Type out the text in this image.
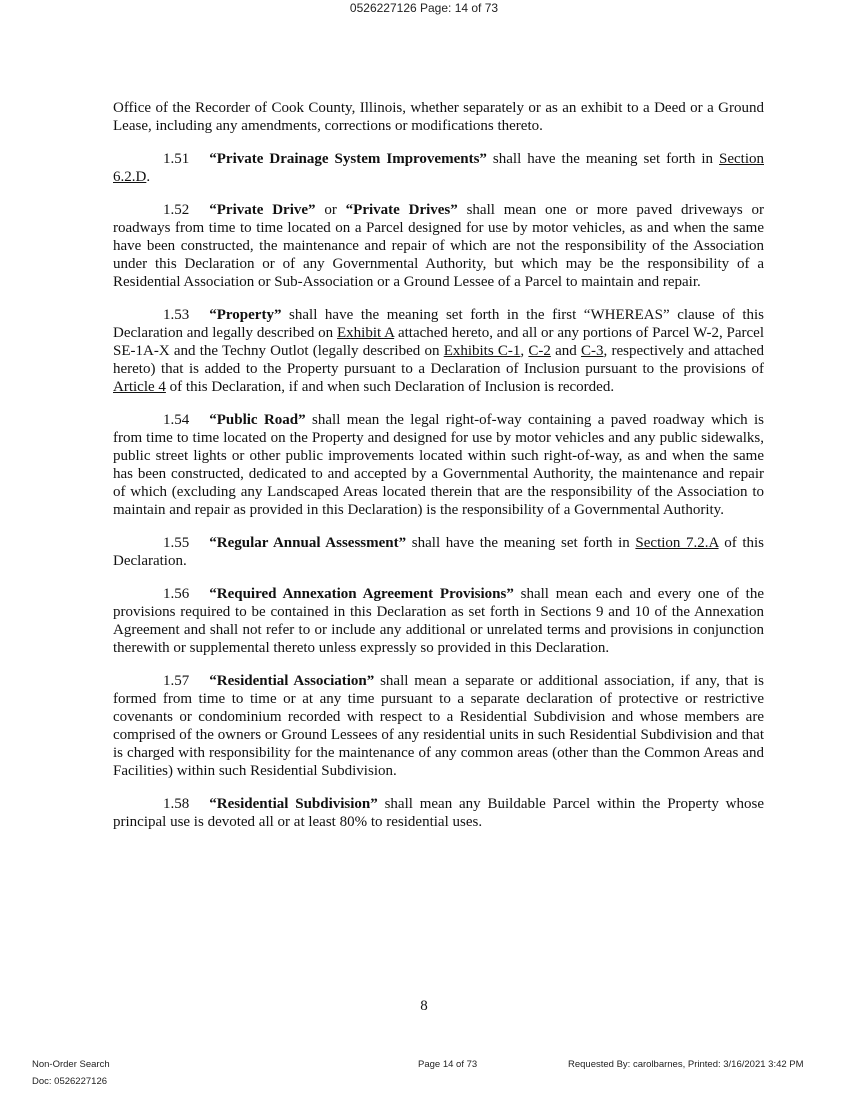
0526227126 Page: 14 of 73

Office of the Recorder of Cook County, Illinois, whether separately or as an exhibit to a Deed or a Ground Lease, including any amendments, corrections or modifications thereto.

1.51 “Private Drainage System Improvements” shall have the meaning set forth in Section 6.2.D.

1.52 “Private Drive” or “Private Drives” shall mean one or more paved driveways or roadways from time to time located on a Parcel designed for use by motor vehicles, as and when the same have been constructed, the maintenance and repair of which are not the responsibility of the Association under this Declaration or of any Governmental Authority, but which may be the responsibility of a Residential Association or Sub-Association or a Ground Lessee of a Parcel to maintain and repair.

1.53 “Property” shall have the meaning set forth in the first “WHEREAS” clause of this Declaration and legally described on Exhibit A attached hereto, and all or any portions of Parcel W-2, Parcel SE-1A-X and the Techny Outlot (legally described on Exhibits C-1, C-2 and C-3, respectively and attached hereto) that is added to the Property pursuant to a Declaration of Inclusion pursuant to the provisions of Article 4 of this Declaration, if and when such Declaration of Inclusion is recorded.

1.54 “Public Road” shall mean the legal right-of-way containing a paved roadway which is from time to time located on the Property and designed for use by motor vehicles and any public sidewalks, public street lights or other public improvements located within such right-of-way, as and when the same has been constructed, dedicated to and accepted by a Governmental Authority, the maintenance and repair of which (excluding any Landscaped Areas located therein that are the responsibility of the Association to maintain and repair as provided in this Declaration) is the responsibility of a Governmental Authority.

1.55 “Regular Annual Assessment” shall have the meaning set forth in Section 7.2.A of this Declaration.

1.56 “Required Annexation Agreement Provisions” shall mean each and every one of the provisions required to be contained in this Declaration as set forth in Sections 9 and 10 of the Annexation Agreement and shall not refer to or include any additional or unrelated terms and provisions in conjunction therewith or supplemental thereto unless expressly so provided in this Declaration.

1.57 “Residential Association” shall mean a separate or additional association, if any, that is formed from time to time or at any time pursuant to a separate declaration of protective or restrictive covenants or condominium recorded with respect to a Residential Subdivision and whose members are comprised of the owners or Ground Lessees of any residential units in such Residential Subdivision and that is charged with responsibility for the maintenance of any common areas (other than the Common Areas and Facilities) within such Residential Subdivision.

1.58 “Residential Subdivision” shall mean any Buildable Parcel within the Property whose principal use is devoted all or at least 80% to residential uses.

8
Non-Order Search
Doc: 0526227126
Page 14 of 73	Requested By: carolbarnes, Printed: 3/16/2021 3:42 PM
